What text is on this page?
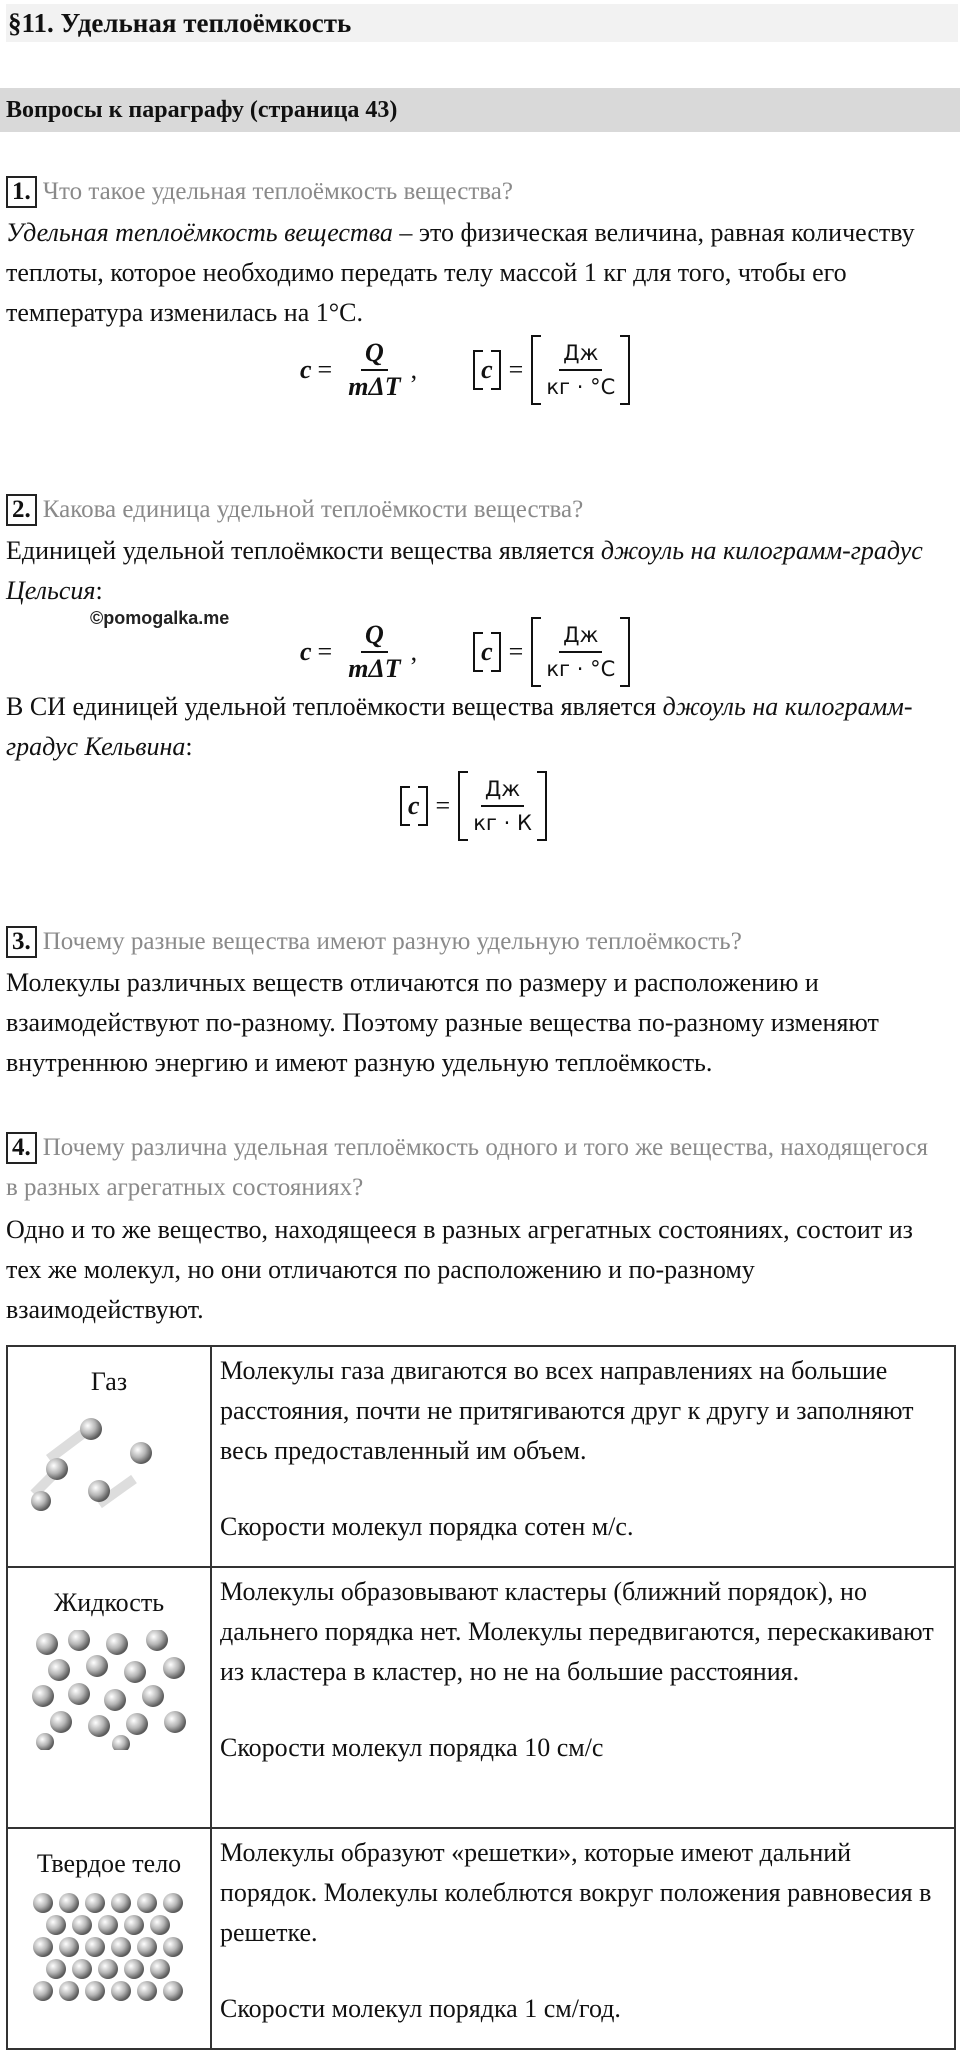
§11. Удельная теплоёмкость
Вопросы к параграфу (страница 43)
1. Что такое удельная теплоёмкость вещества?
Удельная теплоёмкость вещества – это физическая величина, равная количеству теплоты, которое необходимо передать телу массой 1 кг для того, чтобы его температура изменилась на 1°C.
$c = \frac{Q}{\text{mΔT}}$ , $c = \frac{Дж}{кг \cdot ^\circ С}$
2. Какова единица удельной теплоёмкости вещества?
Единицей удельной теплоёмкости вещества является джоуль на килограмм-градус Цельсия:
©pomogalka.me
$c = \frac{Q}{\text{mΔT}}$ , $c = \frac{Дж}{кг \cdot ^\circ С}$
В СИ единицей удельной теплоёмкости вещества является джоуль на килограмм-градус Кельвина:
$c = \frac{Дж}{кг \cdot К}$
3. Почему разные вещества имеют разную удельную теплоёмкость?
Молекулы различных веществ отличаются по размеру и расположению и взаимодействуют по-разному. Поэтому разные вещества по-разному изменяют внутреннюю энергию и имеют разную удельную теплоёмкость.
4. Почему различна удельная теплоёмкость одного и того же вещества, находящегося в разных агрегатных состояниях?
Одно и то же вещество, находящееся в разных агрегатных состояниях, состоит из тех же молекул, но они отличаются по расположению и по-разному взаимодействуют.
Газ	Молекулы газа двигаются во всех направлениях на большие расстояния, почти не притягиваются друг к другу и заполняют весь предоставленный им объем.
Скорости молекул порядка сотен м/с.

Жидкость	Молекулы образовывают кластеры (ближний порядок), но дальнего порядка нет. Молекулы передвигаются, перескакивают из кластера в кластер, но не на большие расстояния.
Скорости молекул порядка 10 см/с

Твердое тело	Молекулы образуют «решетки», которые имеют дальний порядок. Молекулы колеблются вокруг положения равновесия в решетке.
Скорости молекул порядка 1 см/год.
